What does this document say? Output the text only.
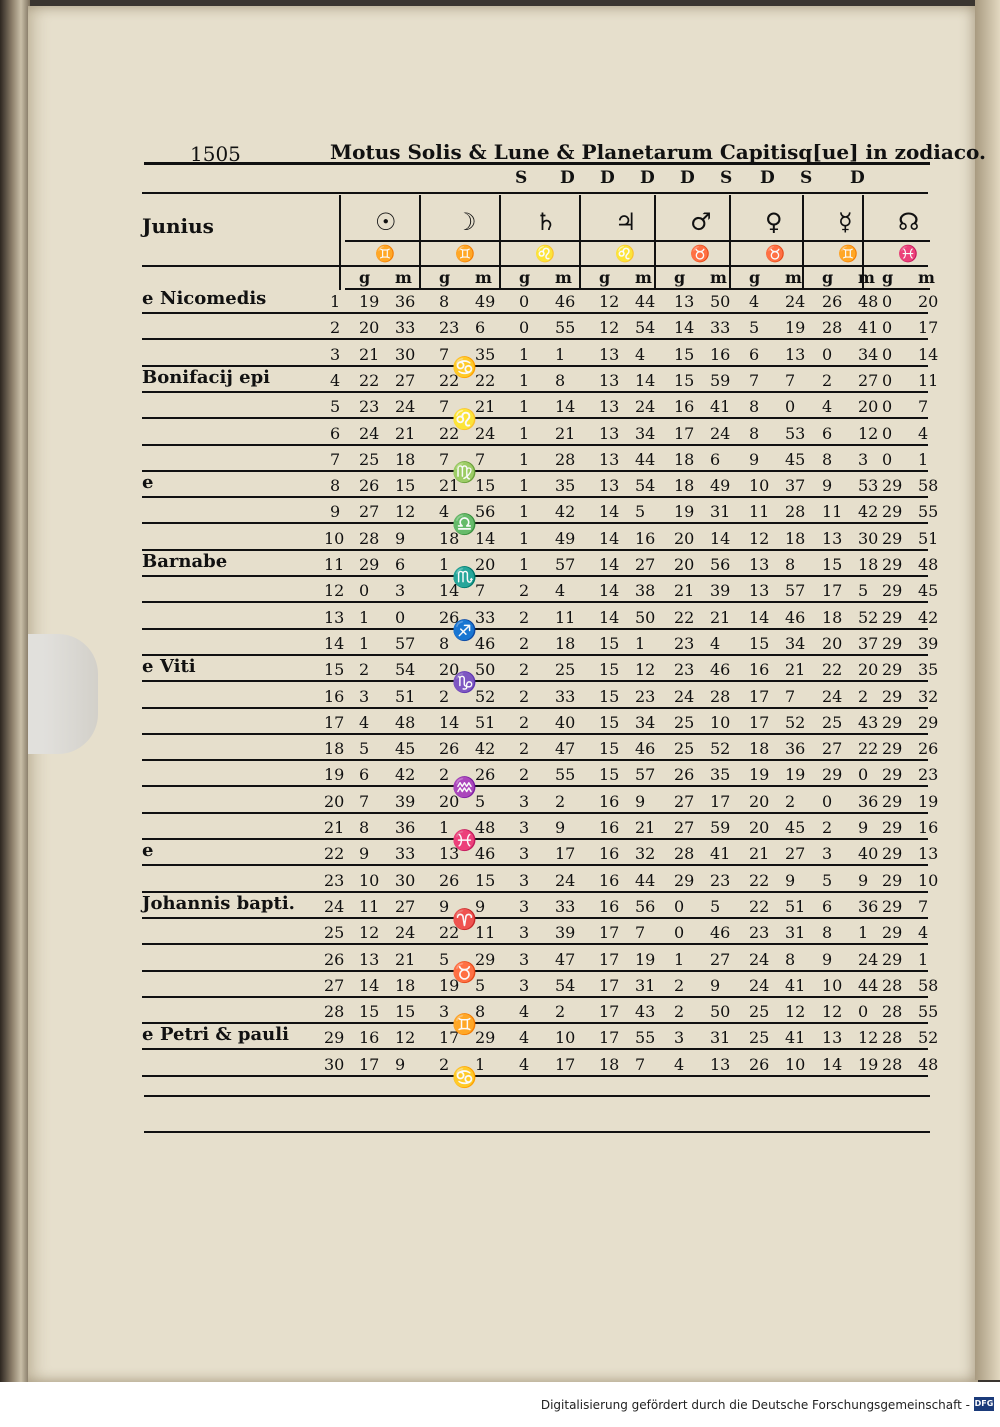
1505	Motus Solis & Lune & Planetarum Capitisq[ue] in zodiaco.
Junius
S D D D D S D S D
☉
♊
☽
♊
♄
♌
♃
♌
♂
♉
♀
♉
☿
♊
☊
♓
g m g m g m g m g m g m g m g m
1 19 36 8 49 0 46 12 44 13 50 4 24 26 48 0 20
2 20 33 23 6 0 55 12 54 14 33 5 19 28 41 0 17
3 21 30 7 35 1 1 13 4 15 16 6 13 0 34 0 14
4 22 27 22 22 1 8 13 14 15 59 7 7 2 27 0 11
5 23 24 7 21 1 14 13 24 16 41 8 0 4 20 0 7
6 24 21 22 24 1 21 13 34 17 24 8 53 6 12 0 4
7 25 18 7 7 1 28 13 44 18 6 9 45 8 3 0 1
8 26 15 21 15 1 35 13 54 18 49 10 37 9 53 29 58
9 27 12 4 56 1 42 14 5 19 31 11 28 11 42 29 55
10 28 9 18 14 1 49 14 16 20 14 12 18 13 30 29 51
11 29 6 1 20 1 57 14 27 20 56 13 8 15 18 29 48
12 0 3 14 7 2 4 14 38 21 39 13 57 17 5 29 45
13 1 0 26 33 2 11 14 50 22 21 14 46 18 52 29 42
14 1 57 8 46 2 18 15 1 23 4 15 34 20 37 29 39
15 2 54 20 50 2 25 15 12 23 46 16 21 22 20 29 35
16 3 51 2 52 2 33 15 23 24 28 17 7 24 2 29 32
17 4 48 14 51 2 40 15 34 25 10 17 52 25 43 29 29
18 5 45 26 42 2 47 15 46 25 52 18 36 27 22 29 26
19 6 42 2 26 2 55 15 57 26 35 19 19 29 0 29 23
20 7 39 20 5 3 2 16 9 27 17 20 2 0 36 29 19
21 8 36 1 48 3 9 16 21 27 59 20 45 2 9 29 16
22 9 33 13 46 3 17 16 32 28 41 21 27 3 40 29 13
23 10 30 26 15 3 24 16 44 29 23 22 9 5 9 29 10
24 11 27 9 9 3 33 16 56 0 5 22 51 6 36 29 7
25 12 24 22 11 3 39 17 7 0 46 23 31 8 1 29 4
26 13 21 5 29 3 47 17 19 1 27 24 8 9 24 29 1
27 14 18 19 5 3 54 17 31 2 9 24 41 10 44 28 58
28 15 15 3 8 4 2 17 43 2 50 25 12 12 0 28 55
29 16 12 17 29 4 10 17 55 3 31 25 41 13 12 28 52
30 17 9 2 1 4 17 18 7 4 13 26 10 14 19 28 48
♋
♌
♍
♎
♏
♐
♑
♒
♓
♈
♉
♊
♋
e Nicomedis
Bonifacij epi
e
Barnabe
e Viti
e
Johannis bapti.
e Petri & pauli
Digitalisierung gefördert durch die Deutsche Forschungsgemeinschaft - DFG
